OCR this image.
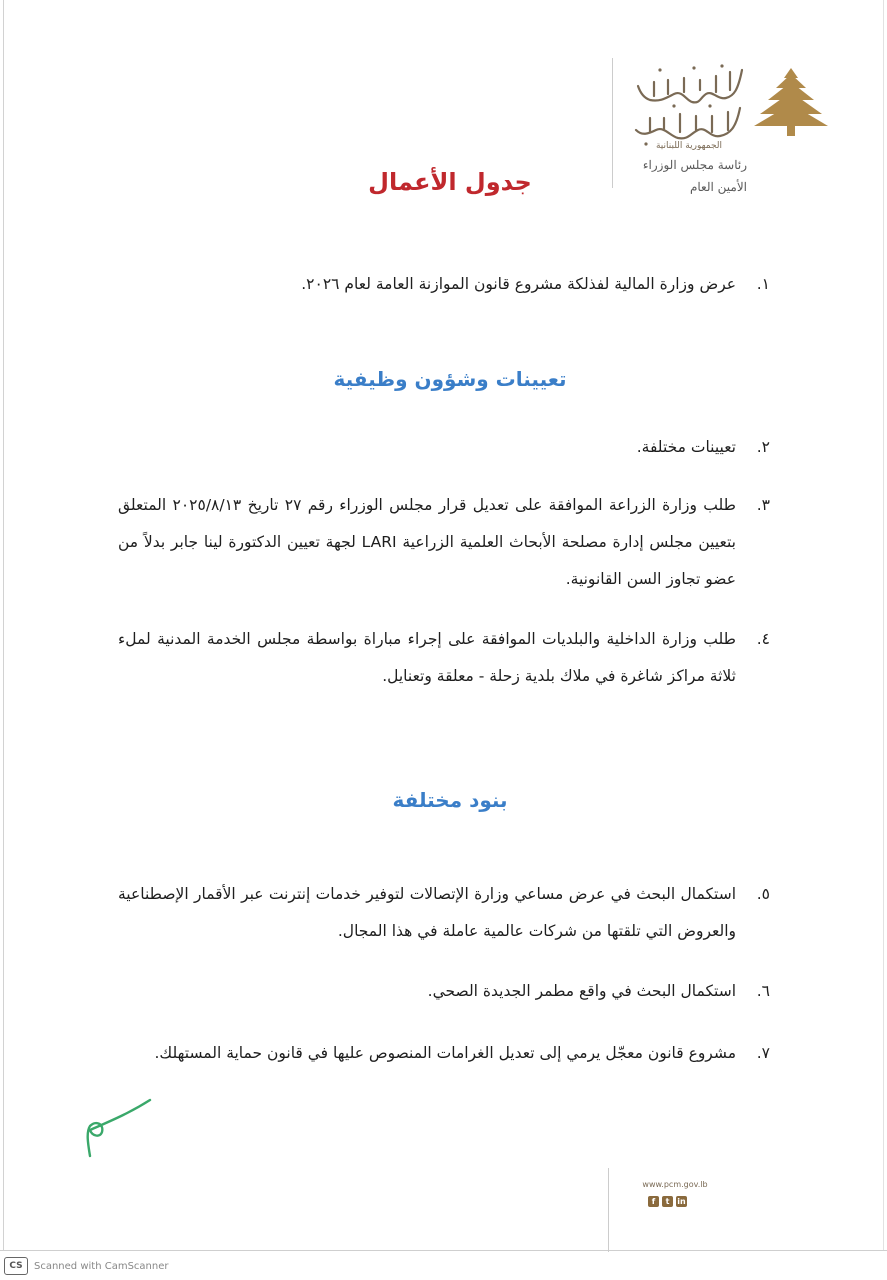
الجمهورية اللبنانية
رئاسة مجلس الوزراء
الأمين العام
جدول الأعمال
١.
عرض وزارة المالية لفذلكة مشروع قانون الموازنة العامة لعام ٢٠٢٦.
تعيينات وشؤون وظيفية
٢.
تعيينات مختلفة.
٣.
طلب وزارة الزراعة الموافقة على تعديل قرار مجلس الوزراء رقم ٢٧ تاريخ ٢٠٢٥/٨/١٣ المتعلق بتعيين مجلس إدارة مصلحة الأبحاث العلمية الزراعية LARI لجهة تعيين الدكتورة لينا جابر بدلاً من عضو تجاوز السن القانونية.
٤.
طلب وزارة الداخلية والبلديات الموافقة على إجراء مباراة بواسطة مجلس الخدمة المدنية لملء ثلاثة مراكز شاغرة في ملاك بلدية زحلة - معلقة وتعنايل.
بنود مختلفة
٥.
استكمال البحث في عرض مساعي وزارة الإتصالات لتوفير خدمات إنترنت عبر الأقمار الإصطناعية والعروض التي تلقتها من شركات عالمية عاملة في هذا المجال.
٦.
استكمال البحث في واقع مطمر الجديدة الصحي.
٧.
مشروع قانون معجّل يرمي إلى تعديل الغرامات المنصوص عليها في قانون حماية المستهلك.
www.pcm.gov.lb
f	t in
CS	Scanned with CamScanner
